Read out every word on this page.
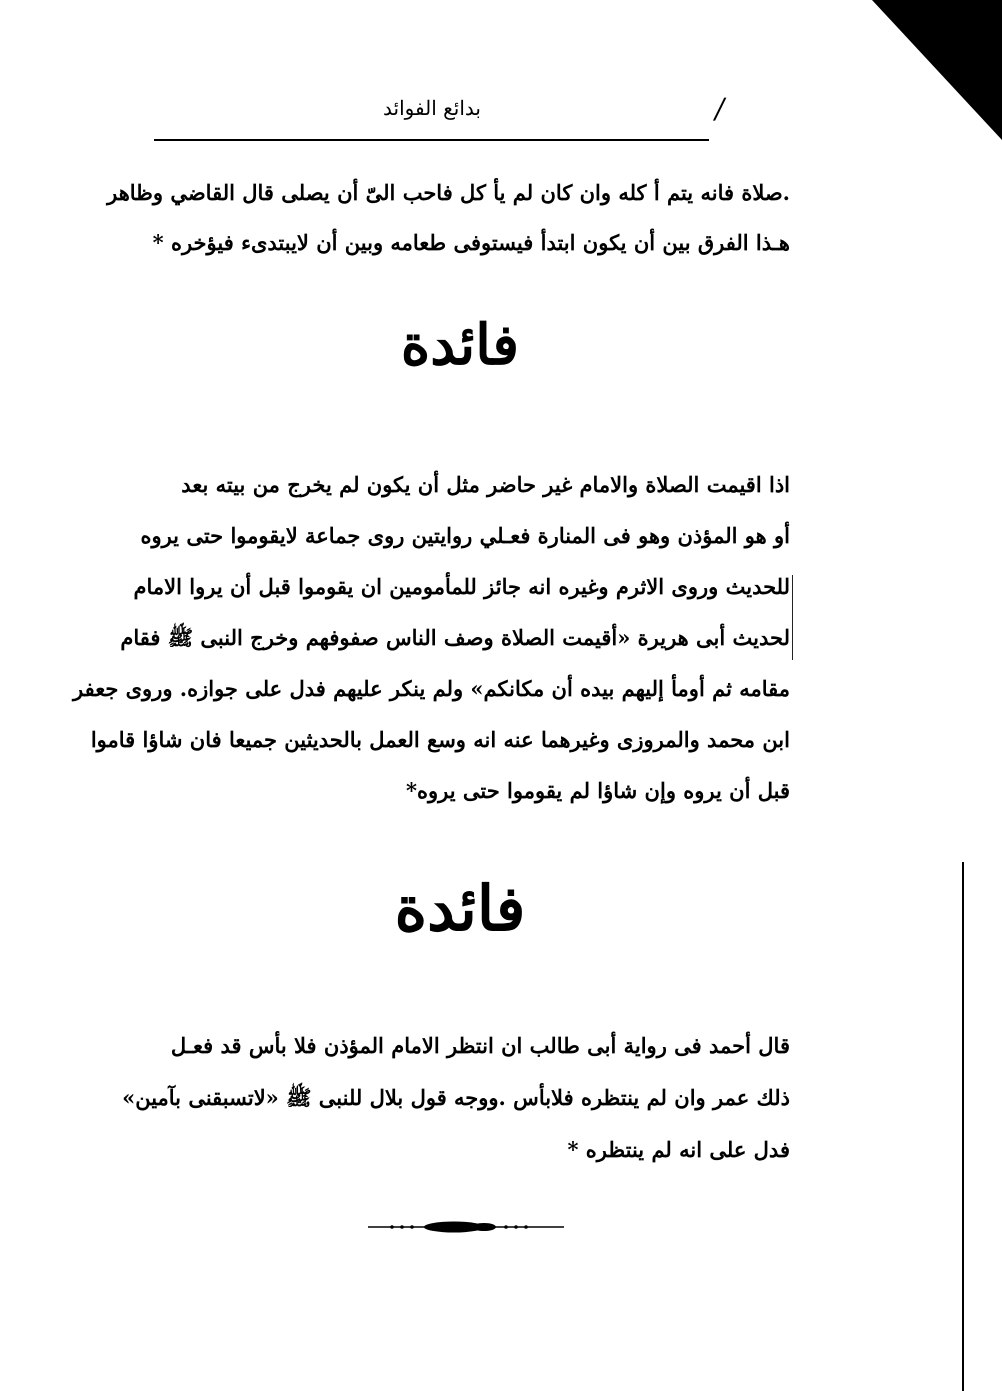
بدائع الفوائد	/
.صلاة فانه يتم أ كله وان كان لم يأ كل فاحب الىّ أن يصلى قال القاضي وظاهر
هـذا الفرق بين أن يكون ابتدأ فيستوفى طعامه وبين أن لايبتدىء فيؤخره *
فائدة
اذا اقيمت الصلاة والامام غير حاضر مثل أن يكون لم يخرج من بيته بعد
أو هو المؤذن وهو فى المنارة فعـلي روايتين روى جماعة لايقوموا حتى يروه
للحديث وروى الاثرم وغيره انه جائز للمأمومين ان يقوموا قبل أن يروا الامام
لحديث أبى هريرة «أقيمت الصلاة وصف الناس صفوفهم وخرج النبى ﷺ فقام
مقامه ثم أومأ إليهم بيده أن مكانكم» ولم ينكر عليهم فدل على جوازه. وروى جعفر
ابن محمد والمروزى وغيرهما عنه انه وسع العمل بالحديثين جميعا فان شاؤا قاموا
قبل أن يروه وإن شاؤا لم يقوموا حتى يروه*
فائدة
قال أحمد فى رواية أبى طالب ان انتظر الامام المؤذن فلا بأس قد فعـل
ذلك عمر وان لم ينتظره فلابأس .ووجه قول بلال للنبى ﷺ «لاتسبقنى بآمين»
فدل على انه لم ينتظره *
